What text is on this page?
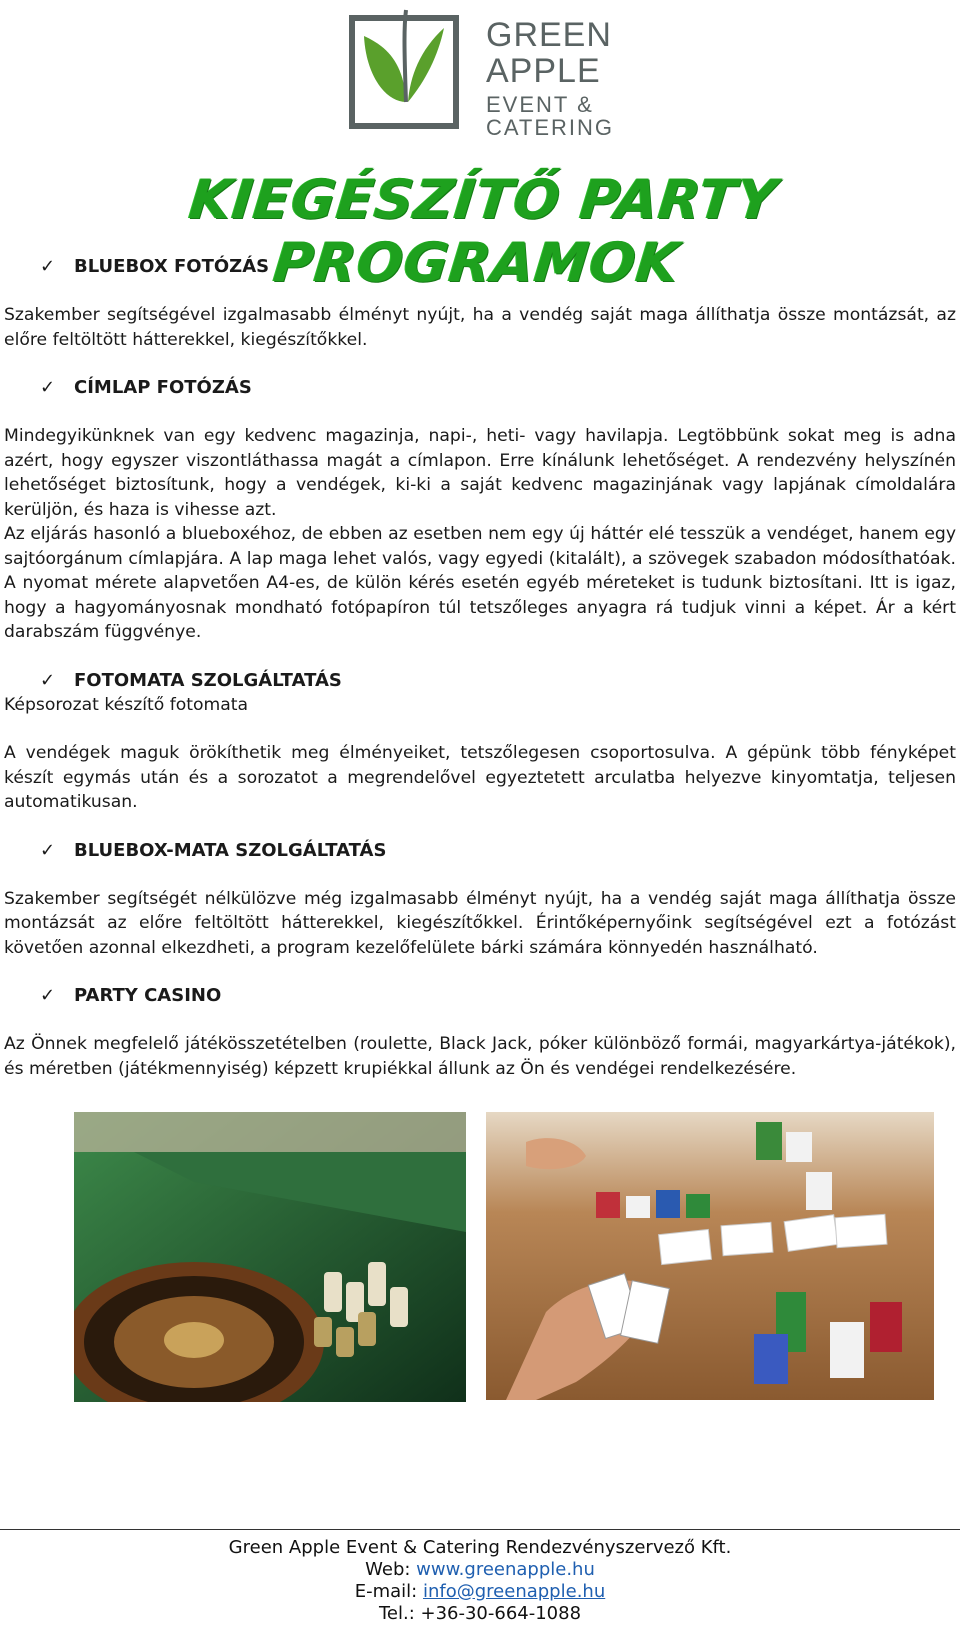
GREEN
APPLE
EVENT &
CATERING
KIEGÉSZÍTŐ PARTY PROGRAMOK
✓ BLUEBOX FOTÓZÁS

Szakember segítségével izgalmasabb élményt nyújt, ha a vendég saját maga állíthatja össze montázsát, az előre feltöltött hátterekkel, kiegészítőkkel.

✓ CÍMLAP FOTÓZÁS

Mindegyikünknek van egy kedvenc magazinja, napi-, heti- vagy havilapja. Legtöbbünk sokat meg is adna azért, hogy egyszer viszontláthassa magát a címlapon. Erre kínálunk lehetőséget. A rendezvény helyszínén lehetőséget biztosítunk, hogy a vendégek, ki-ki a saját kedvenc magazinjának vagy lapjának címoldalára kerüljön, és haza is vihesse azt.

Az eljárás hasonló a blueboxéhoz, de ebben az esetben nem egy új háttér elé tesszük a vendéget, hanem egy sajtóorgánum címlapjára. A lap maga lehet valós, vagy egyedi (kitalált), a szövegek szabadon módosíthatóak. A nyomat mérete alapvetően A4-es, de külön kérés esetén egyéb méreteket is tudunk biztosítani. Itt is igaz, hogy a hagyományosnak mondható fotópapíron túl tetszőleges anyagra rá tudjuk vinni a képet. Ár a kért darabszám függvénye.

✓ FOTOMATA SZOLGÁLTATÁS

Képsorozat készítő fotomata

A vendégek maguk örökíthetik meg élményeiket, tetszőlegesen csoportosulva. A gépünk több fényképet készít egymás után és a sorozatot a megrendelővel egyeztetett arculatba helyezve kinyomtatja, teljesen automatikusan.

✓ BLUEBOX-MATA SZOLGÁLTATÁS

Szakember segítségét nélkülözve még izgalmasabb élményt nyújt, ha a vendég saját maga állíthatja össze montázsát az előre feltöltött hátterekkel, kiegészítőkkel. Érintőképernyőink segítségével ezt a fotózást követően azonnal elkezdheti, a program kezelőfelülete bárki számára könnyedén használható.

✓ PARTY CASINO

Az Önnek megfelelő játékösszetételben (roulette, Black Jack, póker különböző formái, magyarkártya-játékok), és méretben (játékmennyiség) képzett krupiékkal állunk az Ön és vendégei rendelkezésére.

Green Apple Event & Catering Rendezvényszervező Kft.
Web: www.greenapple.hu
E-mail: info@greenapple.hu
Tel.: +36-30-664-1088
